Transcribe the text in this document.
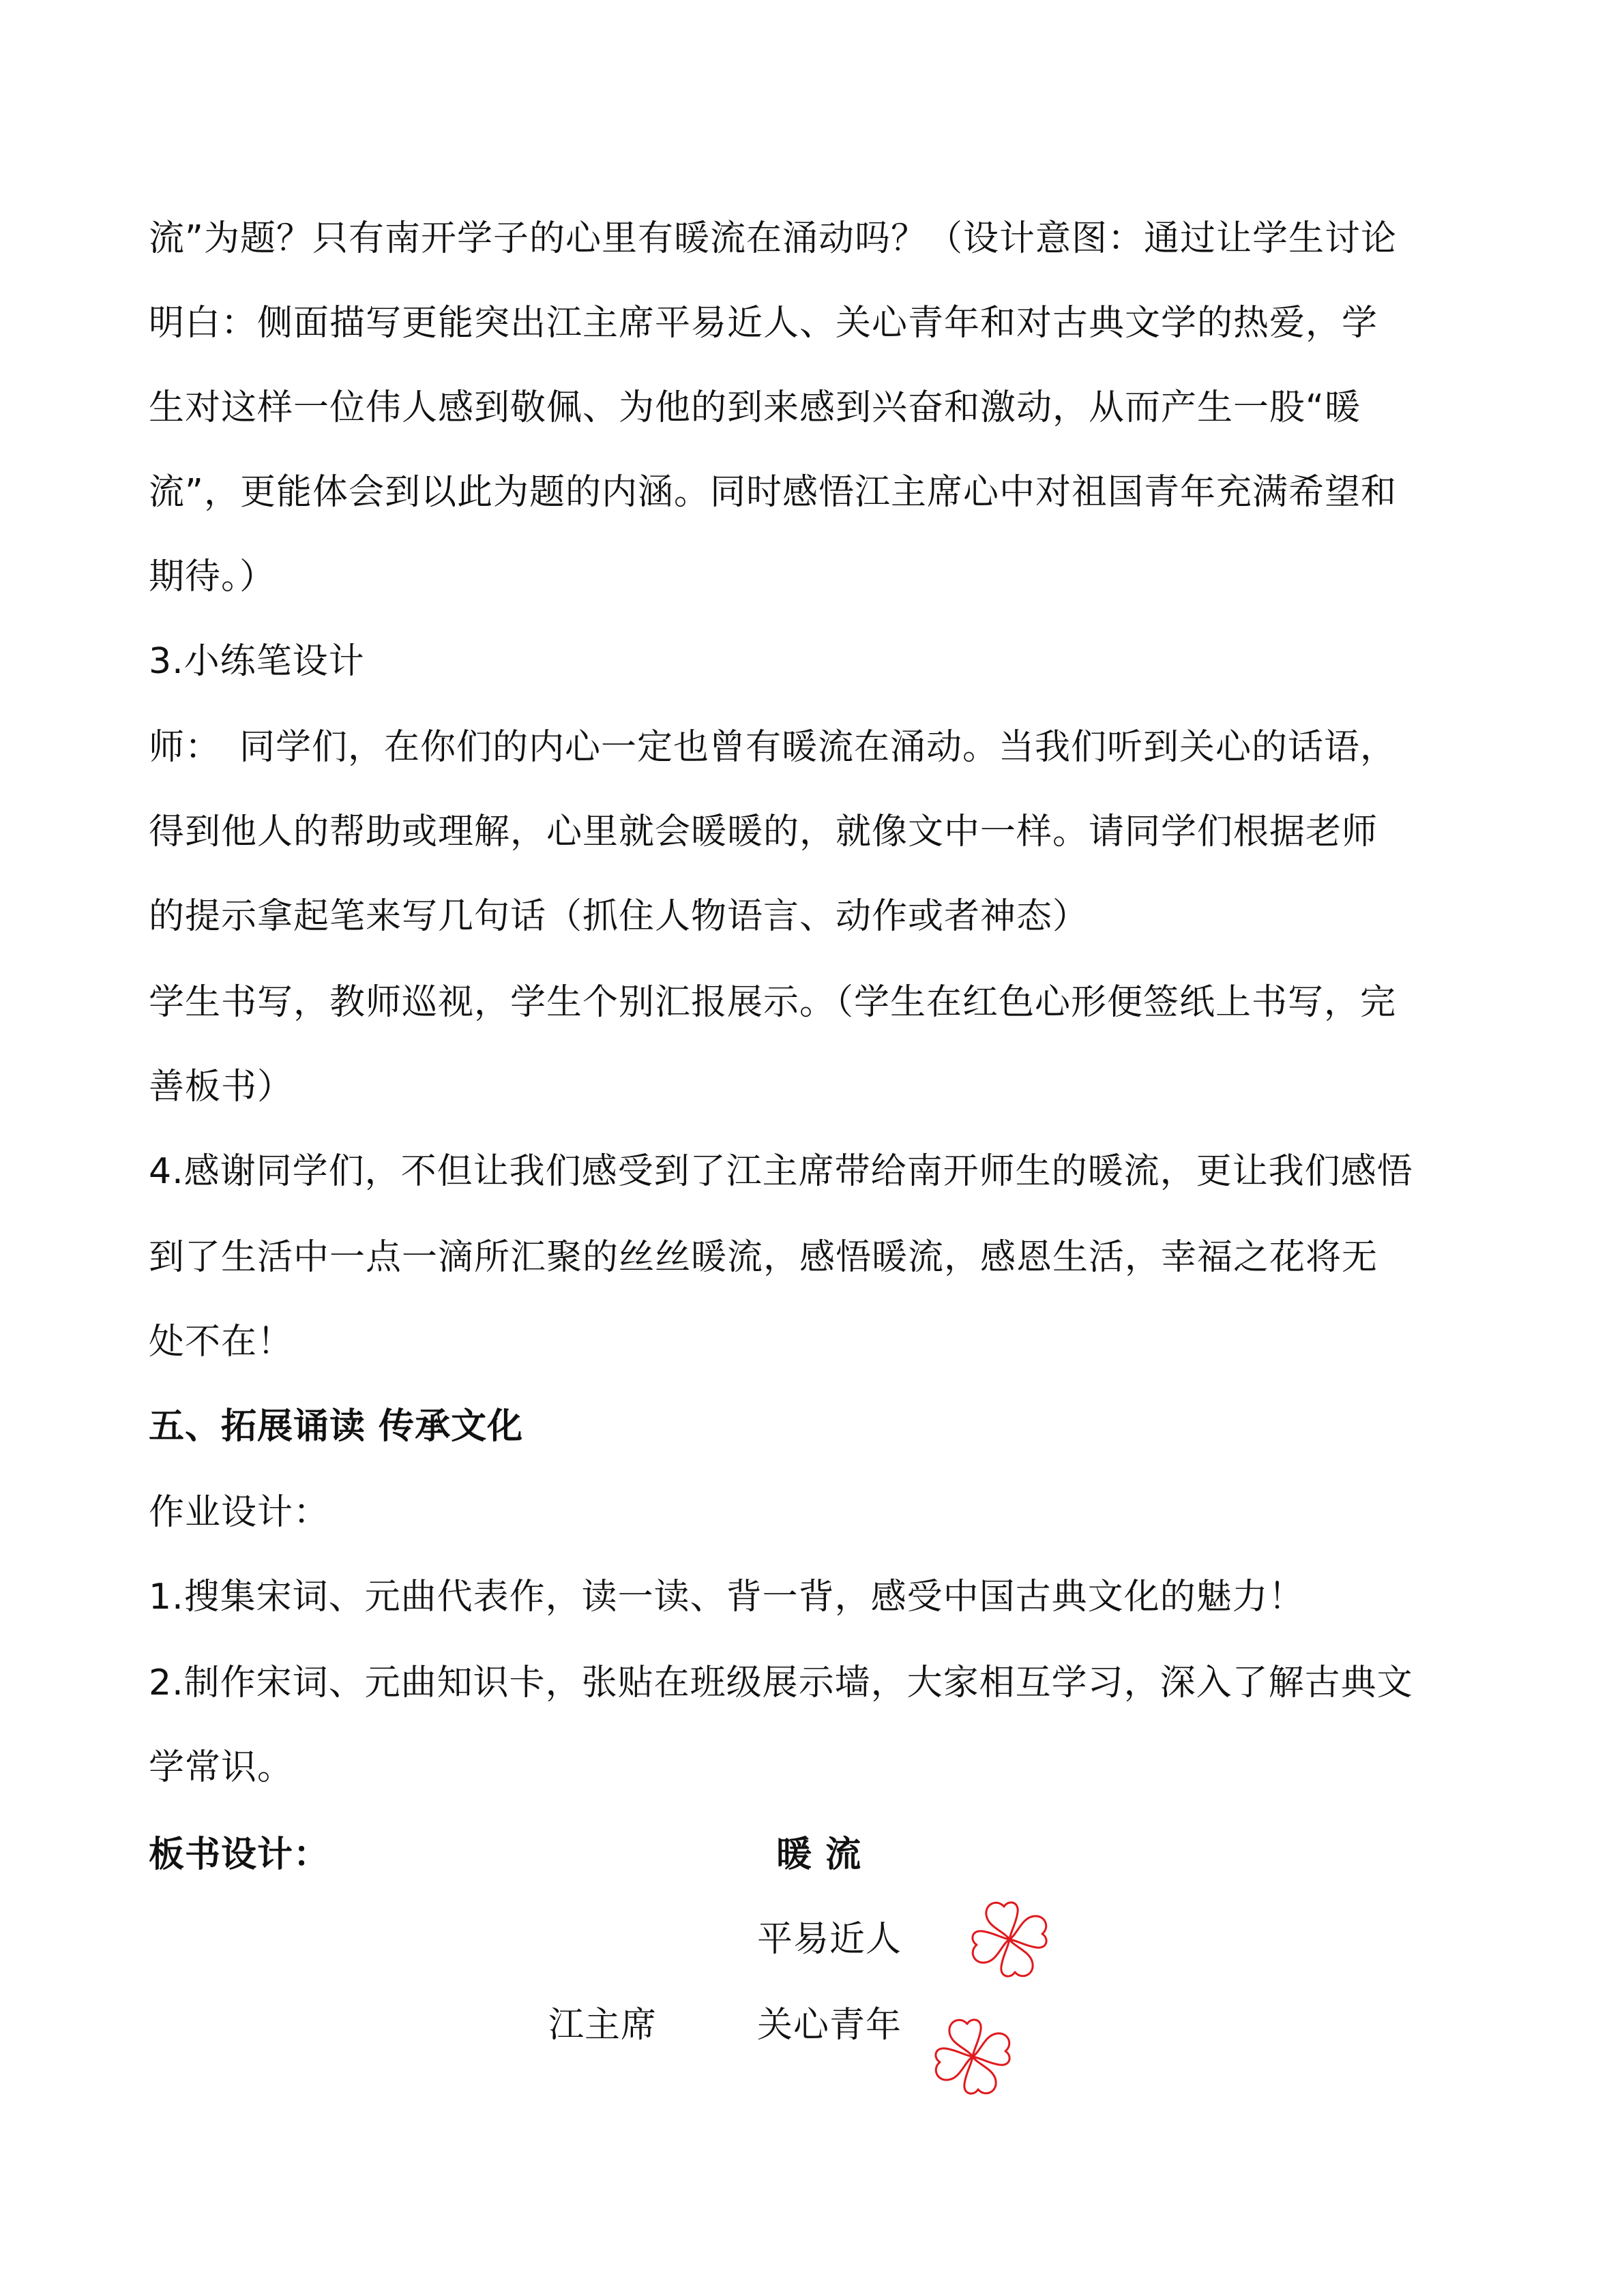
流”为题？只有南开学子的心里有暖流在涌动吗？（设计意图：通过让学生讨论
明白：侧面描写更能突出江主席平易近人、关心青年和对古典文学的热爱，学
生对这样一位伟人感到敬佩、为他的到来感到兴奋和激动，从而产生一股“暖
流”，更能体会到以此为题的内涵。同时感悟江主席心中对祖国青年充满希望和
期待。）
3.小练笔设计
师：　同学们，在你们的内心一定也曾有暖流在涌动。当我们听到关心的话语，
得到他人的帮助或理解，心里就会暖暖的，就像文中一样。请同学们根据老师
的提示拿起笔来写几句话（抓住人物语言、动作或者神态）
学生书写，教师巡视，学生个别汇报展示。（学生在红色心形便签纸上书写，完
善板书）
4.感谢同学们，不但让我们感受到了江主席带给南开师生的暖流，更让我们感悟
到了生活中一点一滴所汇聚的丝丝暖流，感悟暖流，感恩生活，幸福之花将无
处不在！
五、拓展诵读 传承文化
作业设计：
1.搜集宋词、元曲代表作，读一读、背一背，感受中国古典文化的魅力！
2.制作宋词、元曲知识卡，张贴在班级展示墙，大家相互学习，深入了解古典文
学常识。
板书设计：	暖 流
平易近人
江主席	关心青年
